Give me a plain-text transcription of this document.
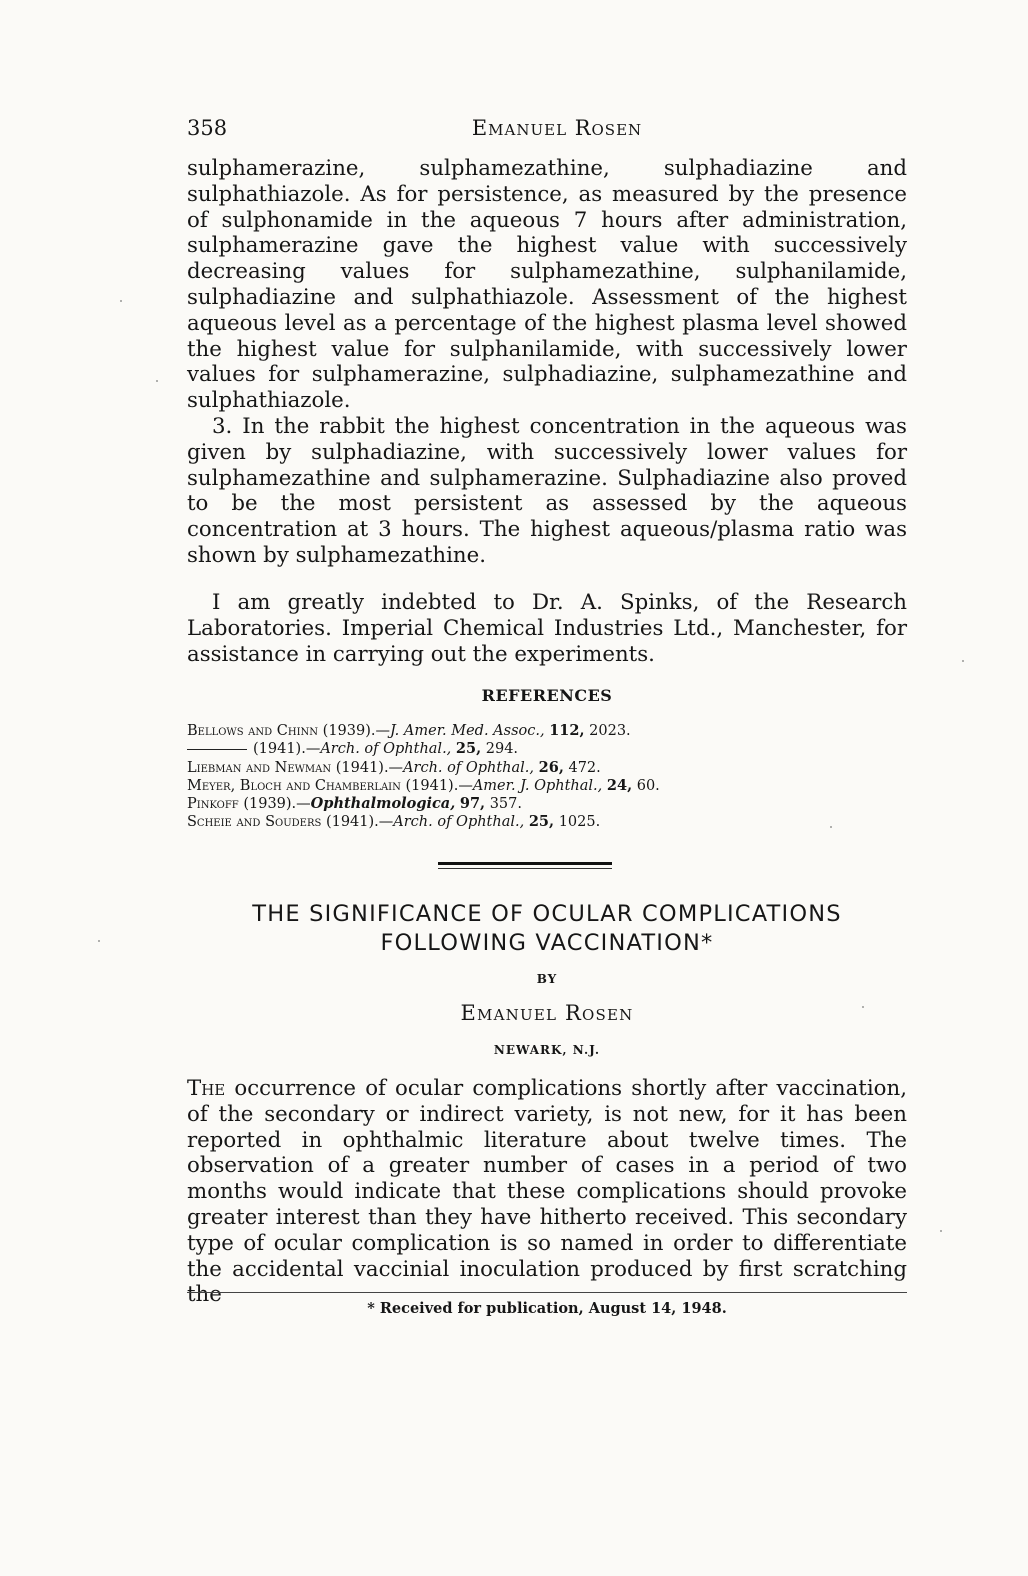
358	Emanuel Rosen

sulphamerazine, sulphamezathine, sulphadiazine and sulphathiazole. As for persistence, as measured by the presence of sulphonamide in the aqueous 7 hours after administration, sulphamerazine gave the highest value with successively decreasing values for sulphamezathine, sulphanilamide, sulphadiazine and sulphathiazole. Assessment of the highest aqueous level as a percentage of the highest plasma level showed the highest value for sulphanilamide, with successively lower values for sulphamerazine, sulphadiazine, sulphamezathine and sulphathiazole.

3. In the rabbit the highest concentration in the aqueous was given by sulphadiazine, with successively lower values for sulphamezathine and sulphamerazine. Sulphadiazine also proved to be the most persistent as assessed by the aqueous concentration at 3 hours. The highest aqueous/plasma ratio was shown by sulphamezathine.

I am greatly indebted to Dr. A. Spinks, of the Research Laboratories. Imperial Chemical Industries Ltd., Manchester, for assistance in carrying out the experiments.

REFERENCES
Bellows and Chinn (1939).—J. Amer. Med. Assoc., 112, 2023.
(1941).—Arch. of Ophthal., 25, 294.
Liebman and Newman (1941).—Arch. of Ophthal., 26, 472.
Meyer, Bloch and Chamberlain (1941).—Amer. J. Ophthal., 24, 60.
Pinkoff (1939).—Ophthalmologica, 97, 357.
Scheie and Souders (1941).—Arch. of Ophthal., 25, 1025.
THE SIGNIFICANCE OF OCULAR COMPLICATIONS
FOLLOWING VACCINATION*
BY
Emanuel Rosen
NEWARK, N.J.

The occurrence of ocular complications shortly after vaccination, of the secondary or indirect variety, is not new, for it has been reported in ophthalmic literature about twelve times. The observation of a greater number of cases in a period of two months would indicate that these complications should provoke greater interest than they have hitherto received. This secondary type of ocular complication is so named in order to differentiate the accidental vaccinial inoculation produced by first scratching the

* Received for publication, August 14, 1948.
